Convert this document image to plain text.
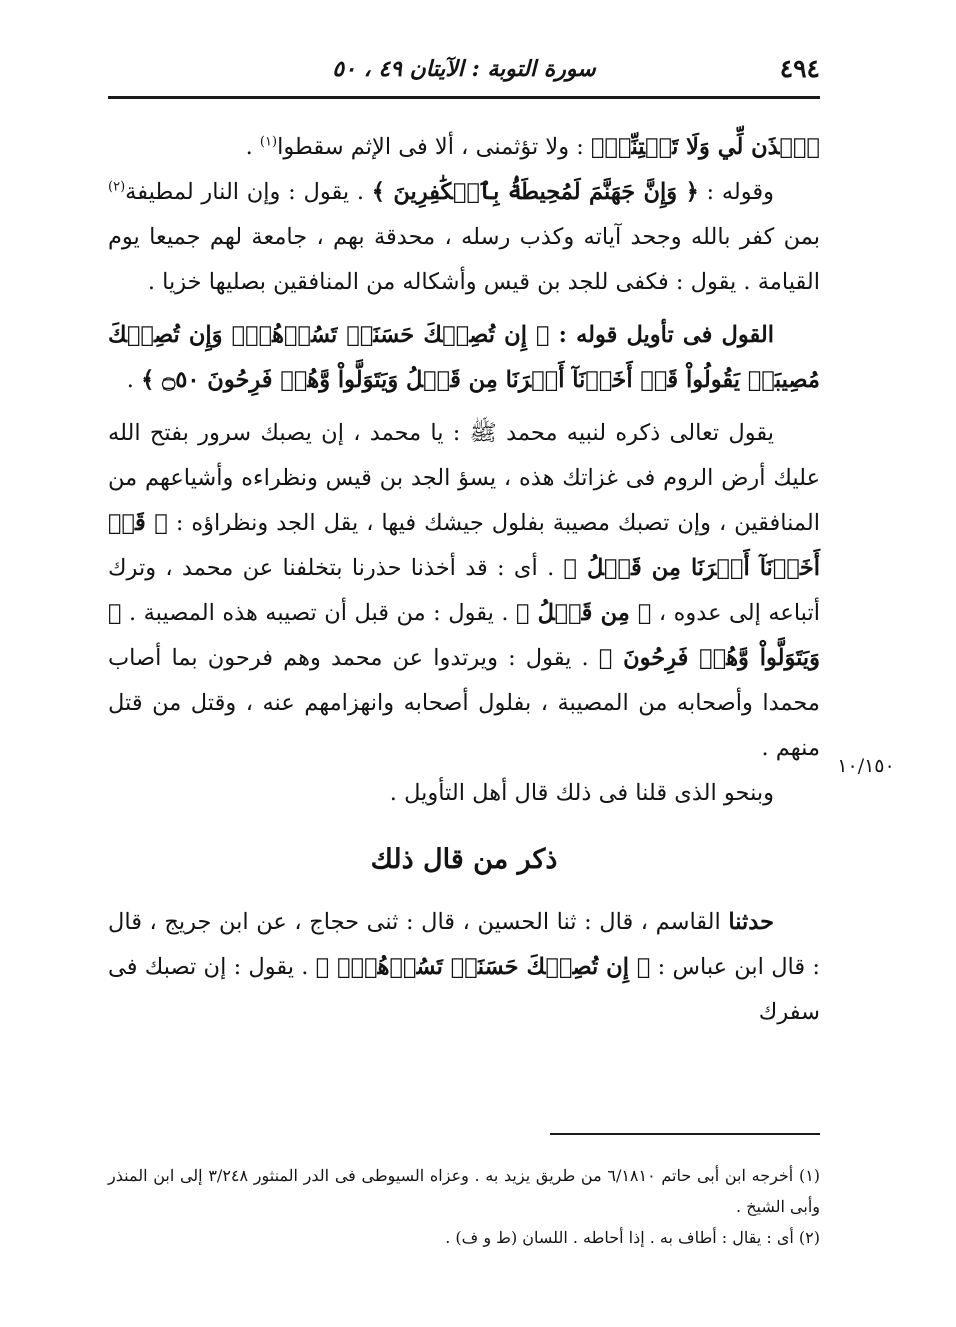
٤٩٤
سورة التوبة : الآيتان ٤٩ ، ٥٠

ٱئۡذَن لِّي وَلَا تَفۡتِنِّيٓۚ : ولا تؤثمنى ، ألا فى الإثم سقطوا$^{(١)}$ .

وقوله : ﴿ وَإِنَّ جَهَنَّمَ لَمُحِيطَةُۢ بِٱلۡكَٰفِرِينَ ﴾ . يقول : وإن النار لمطيفة$^{(٢)}$ بمن كفر بالله وجحد آياته وكذب رسله ، محدقة بهم ، جامعة لهم جميعا يوم القيامة . يقول : فكفى للجد بن قيس وأشكاله من المنافقين بصليها خزيا .

القول فى تأويل قوله : ﴿ إِن تُصِبۡكَ حَسَنَةٞ تَسُؤۡهُمۡۖ وَإِن تُصِبۡكَ مُصِيبَةٞ يَقُولُواْ قَدۡ أَخَذۡنَآ أَمۡرَنَا مِن قَبۡلُ وَيَتَوَلَّواْ وَّهُمۡ فَرِحُونَ ۝٥٠ ﴾ .

يقول تعالى ذكره لنبيه محمد ﷺ : يا محمد ، إن يصبك سرور بفتح الله عليك أرض الروم فى غزاتك هذه ، يسؤ الجد بن قيس ونظراءه وأشياعهم من المنافقين ، وإن تصبك مصيبة بفلول جيشك فيها ، يقل الجد ونظراؤه : ﴿ قَدۡ أَخَذۡنَآ أَمۡرَنَا مِن قَبۡلُ ﴾ . أى : قد أخذنا حذرنا بتخلفنا عن محمد ، وترك أتباعه إلى عدوه ، ﴿ مِن قَبۡلُ ﴾ . يقول : من قبل أن تصيبه هذه المصيبة . ﴿ وَيَتَوَلَّواْ وَّهُمۡ فَرِحُونَ ﴾ . يقول : ويرتدوا عن محمد وهم فرحون بما أصاب محمدا وأصحابه من المصيبة ، بفلول أصحابه وانهزامهم عنه ، وقتل من قتل منهم .

وبنحو الذى قلنا فى ذلك قال أهل التأويل .

ذكر من قال ذلك

حدثنا القاسم ، قال : ثنا الحسين ، قال : ثنى حجاج ، عن ابن جريج ، قال : قال ابن عباس : ﴿ إِن تُصِبۡكَ حَسَنَةٞ تَسُؤۡهُمۡۖ ﴾ . يقول : إن تصبك فى سفرك

١٠/١٥٠

(١) أخرجه ابن أبى حاتم ٦/١٨١٠ من طريق يزيد به . وعزاه السيوطى فى الدر المنثور ٣/٢٤٨ إلى ابن المنذر وأبى الشيخ .

(٢) أى : يقال : أطاف به . إذا أحاطه . اللسان (ط و ف) .
